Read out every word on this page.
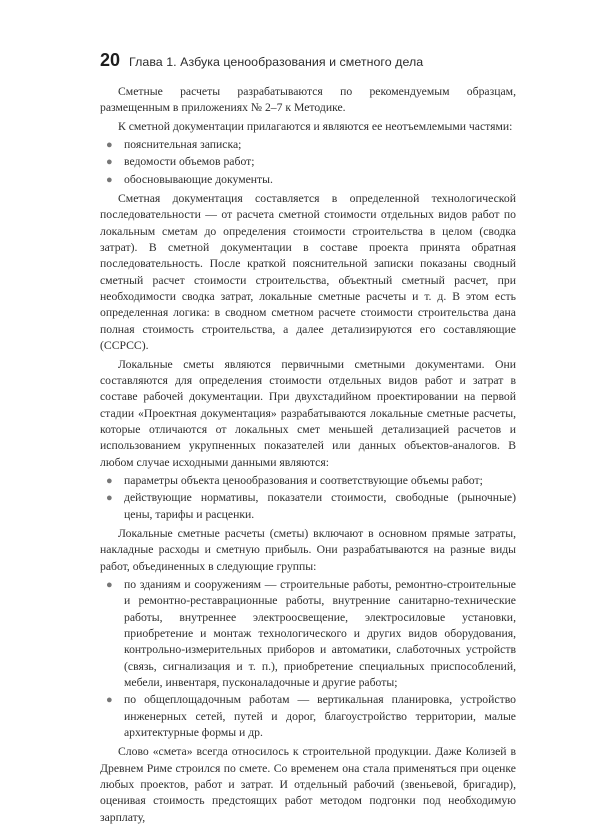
20 Глава 1. Азбука ценообразования и сметного дела

Сметные расчеты разрабатываются по рекомендуемым образцам, размещенным в приложениях № 2–7 к Методике.

К сметной документации прилагаются и являются ее неотъемлемыми частями:

● пояснительная записка;
● ведомости объемов работ;
● обосновывающие документы.

Сметная документация составляется в определенной технологической последовательности — от расчета сметной стоимости отдельных видов работ по локальным сметам до определения стоимости строительства в целом (сводка затрат). В сметной документации в составе проекта принята обратная последовательность. После краткой пояснительной записки показаны сводный сметный расчет стоимости строительства, объектный сметный расчет, при необходимости сводка затрат, локальные сметные расчеты и т. д. В этом есть определенная логика: в сводном сметном расчете стоимости строительства дана полная стоимость строительства, а далее детализируются его составляющие (ССРСС).

Локальные сметы являются первичными сметными документами. Они составляются для определения стоимости отдельных видов работ и затрат в составе рабочей документации. При двухстадийном проектировании на первой стадии «Проектная документация» разрабатываются локальные сметные расчеты, которые отличаются от локальных смет меньшей детализацией расчетов и использованием укрупненных показателей или данных объектов-аналогов. В любом случае исходными данными являются:

● параметры объекта ценообразования и соответствующие объемы работ;
● действующие нормативы, показатели стоимости, свободные (рыночные) цены, тарифы и расценки.

Локальные сметные расчеты (сметы) включают в основном прямые затраты, накладные расходы и сметную прибыль. Они разрабатываются на разные виды работ, объединенных в следующие группы:

● по зданиям и сооружениям — строительные работы, ремонтно-строительные и ремонтно-реставрационные работы, внутренние санитарно-технические работы, внутреннее электроосвещение, электросиловые установки, приобретение и монтаж технологического и других видов оборудования, контрольно-измерительных приборов и автоматики, слаботочных устройств (связь, сигнализация и т. п.), приобретение специальных приспособлений, мебели, инвентаря, пусконаладочные и другие работы;
● по общеплощадочным работам — вертикальная планировка, устройство инженерных сетей, путей и дорог, благоустройство территории, малые архитектурные формы и др.

Слово «смета» всегда относилось к строительной продукции. Даже Колизей в Древнем Риме строился по смете. Со временем она стала применяться при оценке любых проектов, работ и затрат. И отдельный рабочий (звеньевой, бригадир), оценивая стоимость предстоящих работ методом подгонки под необходимую зарплату,
